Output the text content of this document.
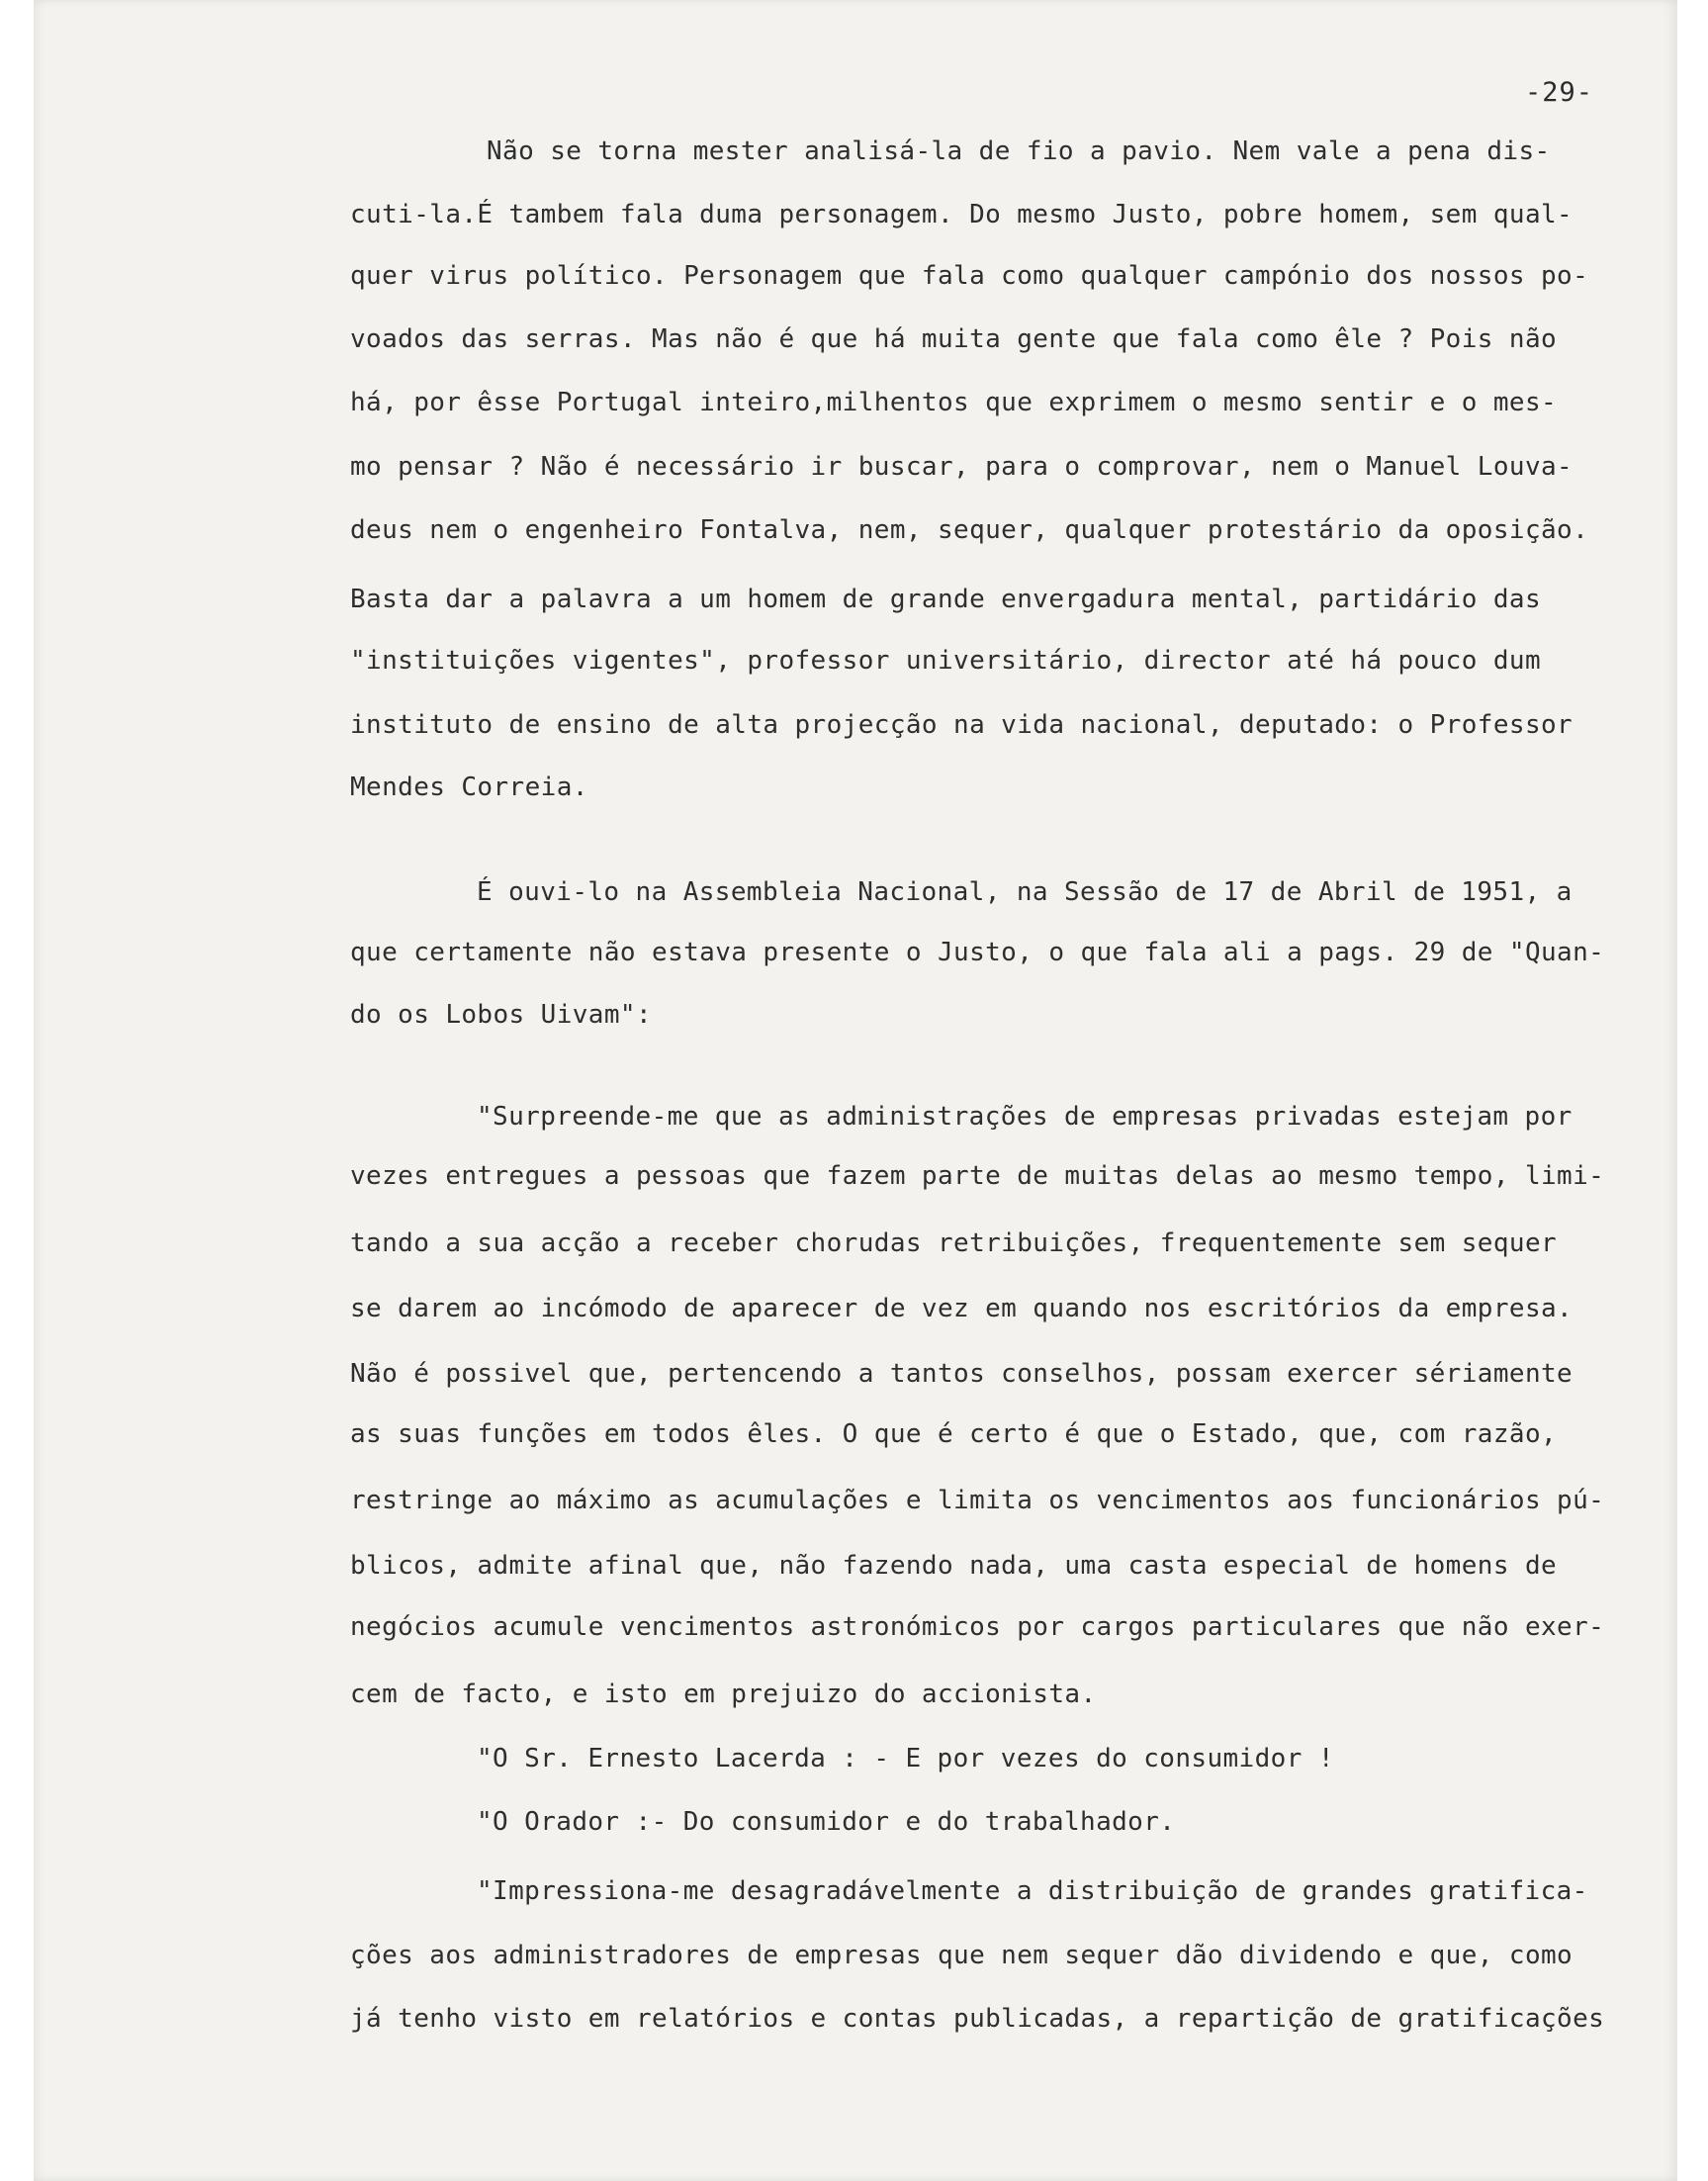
-29-
Não se torna mester analisá-la de fio a pavio. Nem vale a pena dis-
cuti-la.É tambem fala duma personagem. Do mesmo Justo, pobre homem, sem qual-
quer virus político. Personagem que fala como qualquer campónio dos nossos po-
voados das serras. Mas não é que há muita gente que fala como êle ? Pois não
há, por êsse Portugal inteiro,milhentos que exprimem o mesmo sentir e o mes-
mo pensar ? Não é necessário ir buscar, para o comprovar, nem o Manuel Louva-
deus nem o engenheiro Fontalva, nem, sequer, qualquer protestário da oposição.
Basta dar a palavra a um homem de grande envergadura mental, partidário das
"instituições vigentes", professor universitário, director até há pouco dum
instituto de ensino de alta projecção na vida nacional, deputado: o Professor
Mendes Correia.
É ouvi-lo na Assembleia Nacional, na Sessão de 17 de Abril de 1951, a
que certamente não estava presente o Justo, o que fala ali a pags. 29 de "Quan-
do os Lobos Uivam":
"Surpreende-me que as administrações de empresas privadas estejam por
vezes entregues a pessoas que fazem parte de muitas delas ao mesmo tempo, limi-
tando a sua acção a receber chorudas retribuições, frequentemente sem sequer
se darem ao incómodo de aparecer de vez em quando nos escritórios da empresa.
Não é possivel que, pertencendo a tantos conselhos, possam exercer sériamente
as suas funções em todos êles. O que é certo é que o Estado, que, com razão,
restringe ao máximo as acumulações e limita os vencimentos aos funcionários pú-
blicos, admite afinal que, não fazendo nada, uma casta especial de homens de
negócios acumule vencimentos astronómicos por cargos particulares que não exer-
cem de facto, e isto em prejuizo do accionista.
"O Sr. Ernesto Lacerda : - E por vezes do consumidor !
"O Orador :- Do consumidor e do trabalhador.
"Impressiona-me desagradávelmente a distribuição de grandes gratifica-
ções aos administradores de empresas que nem sequer dão dividendo e que, como
já tenho visto em relatórios e contas publicadas, a repartição de gratificações
